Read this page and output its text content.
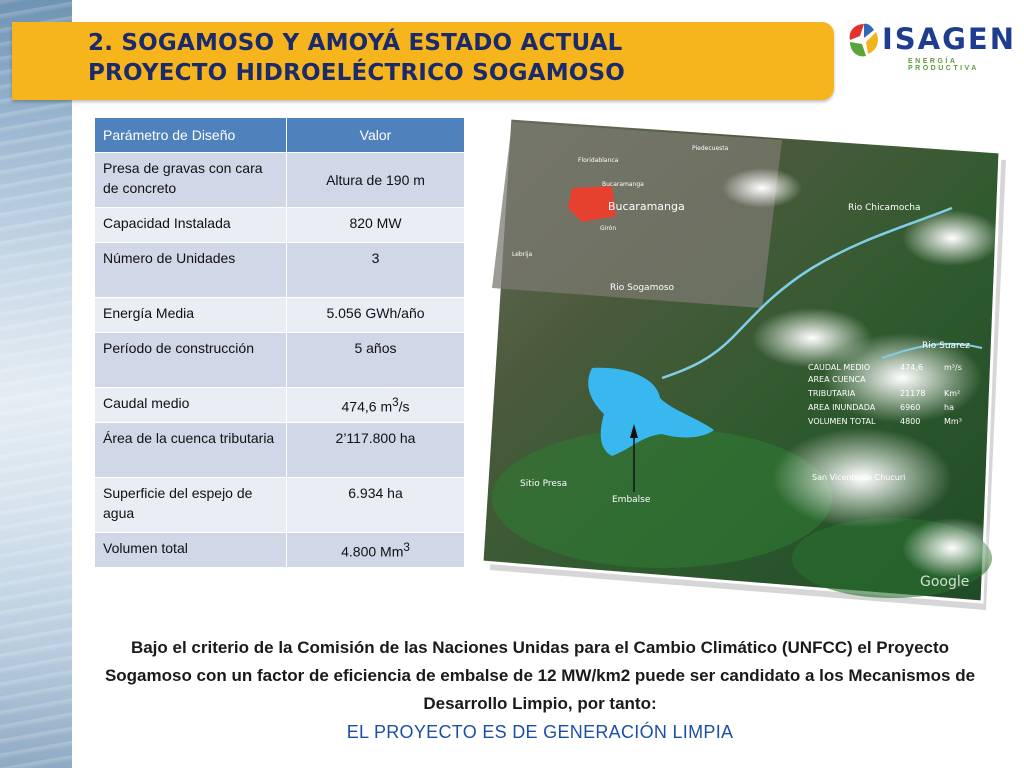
2. SOGAMOSO Y AMOYÁ ESTADO ACTUAL
PROYECTO HIDROELÉCTRICO SOGAMOSO
ISAGEN
ENERGÍA PRODUCTIVA
Parámetro de Diseño	Valor
Presa de gravas con cara de concreto	Altura de 190 m
Capacidad Instalada	820 MW
Número de Unidades	3
Energía Media	5.056 GWh/año
Período de construcción	5 años
Caudal medio	474,6 $m^3/s$
Área de la cuenca tributaria	2’117.800 ha
Superficie del espejo de agua	6.934 ha
Volumen total	4.800 Mm$^3$
Bucaramanga
Floridablanca
Piedecuesta
Bucaramanga
Girón
Lebrija
Rio Chicamocha
Rio Sogamoso
Rio Suarez
Sitio Presa
Embalse
San Vicente de Chucuri
CAUDAL MEDIO	474,6	m³/s
AREA CUENCA
TRIBUTARIA	21178 Km²
AREA INUNDADA	6960	ha
VOLUMEN TOTAL	4800	Mm³
Google
Bajo el criterio de la Comisión de las Naciones Unidas para el Cambio Climático (UNFCC) el Proyecto Sogamoso con un factor de eficiencia de embalse de 12 MW/km2 puede ser candidato a los Mecanismos de Desarrollo Limpio, por tanto:
EL PROYECTO ES DE GENERACIÓN LIMPIA
